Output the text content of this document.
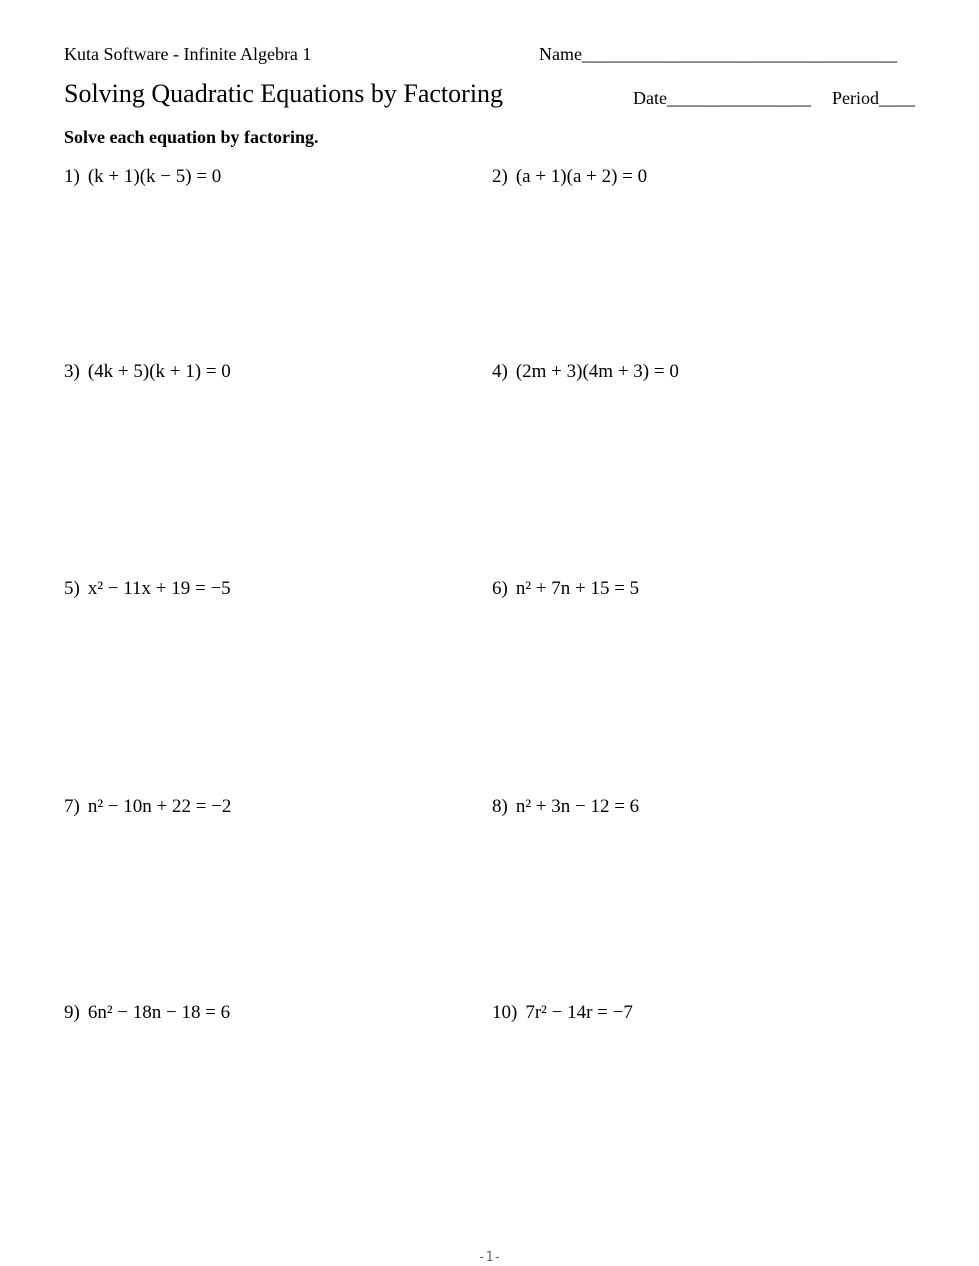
Kuta Software - Infinite Algebra 1	Name___________________________________
Solving Quadratic Equations by Factoring	Date________________ Period____
Solve each equation by factoring.
1) (k + 1)(k − 5) = 0	2) (a + 1)(a + 2) = 0
3) (4k + 5)(k + 1) = 0	4) (2m + 3)(4m + 3) = 0
5) x² − 11x + 19 = −5	6) n² + 7n + 15 = 5
7) n² − 10n + 22 = −2	8) n² + 3n − 12 = 6
9) 6n² − 18n − 18 = 6	10) 7r² − 14r = −7
-1-
